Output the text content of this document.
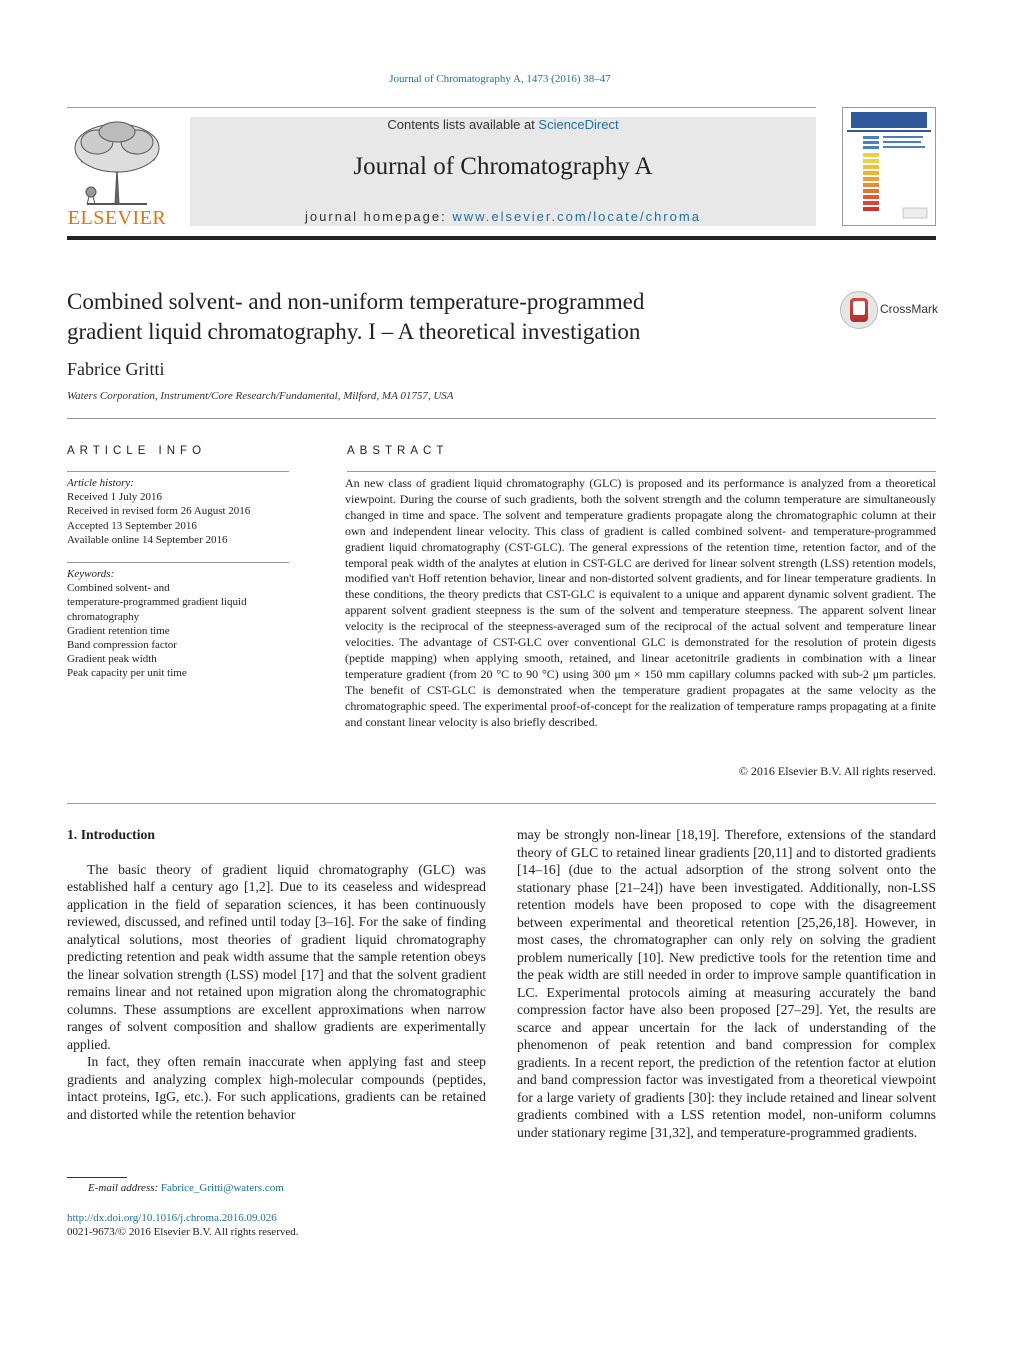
Journal of Chromatography A, 1473 (2016) 38–47
ELSEVIER
Contents lists available at ScienceDirect
Journal of Chromatography A
journal homepage: www.elsevier.com/locate/chroma
Combined solvent- and non-uniform temperature-programmed
gradient liquid chromatography. I – A theoretical investigation
CrossMark
Fabrice Gritti
Waters Corporation, Instrument/Core Research/Fundamental, Milford, MA 01757, USA
ARTICLE INFO
Article history:
Received 1 July 2016
Received in revised form 26 August 2016
Accepted 13 September 2016
Available online 14 September 2016
Keywords:
Combined solvent- and
temperature-programmed gradient liquid
chromatography
Gradient retention time
Band compression factor
Gradient peak width
Peak capacity per unit time
ABSTRACT
An new class of gradient liquid chromatography (GLC) is proposed and its performance is analyzed from a theoretical viewpoint. During the course of such gradients, both the solvent strength and the column temperature are simultaneously changed in time and space. The solvent and temperature gradients propagate along the chromatographic column at their own and independent linear velocity. This class of gradient is called combined solvent- and temperature-programmed gradient liquid chromatography (CST-GLC). The general expressions of the retention time, retention factor, and of the temporal peak width of the analytes at elution in CST-GLC are derived for linear solvent strength (LSS) retention models, modified van't Hoff retention behavior, linear and non-distorted solvent gradients, and for linear temperature gradients. In these conditions, the theory predicts that CST-GLC is equivalent to a unique and apparent dynamic solvent gradient. The apparent solvent gradient steepness is the sum of the solvent and temperature steepness. The apparent solvent linear velocity is the reciprocal of the steepness-averaged sum of the reciprocal of the actual solvent and temperature linear velocities. The advantage of CST-GLC over conventional GLC is demonstrated for the resolution of protein digests (peptide mapping) when applying smooth, retained, and linear acetonitrile gradients in combination with a linear temperature gradient (from 20 °C to 90 °C) using 300 μm × 150 mm capillary columns packed with sub-2 μm particles. The benefit of CST-GLC is demonstrated when the temperature gradient propagates at the same velocity as the chromatographic speed. The experimental proof-of-concept for the realization of temperature ramps propagating at a finite and constant linear velocity is also briefly described.
© 2016 Elsevier B.V. All rights reserved.

1. Introduction

The basic theory of gradient liquid chromatography (GLC) was established half a century ago [1,2]. Due to its ceaseless and widespread application in the field of separation sciences, it has been continuously reviewed, discussed, and refined until today [3–16]. For the sake of finding analytical solutions, most theories of gradient liquid chromatography predicting retention and peak width assume that the sample retention obeys the linear solvation strength (LSS) model [17] and that the solvent gradient remains linear and not retained upon migration along the chromatographic columns. These assumptions are excellent approximations when narrow ranges of solvent composition and shallow gradients are experimentally applied.

In fact, they often remain inaccurate when applying fast and steep gradients and analyzing complex high-molecular compounds (peptides, intact proteins, IgG, etc.). For such applications, gradients can be retained and distorted while the retention behavior

may be strongly non-linear [18,19]. Therefore, extensions of the standard theory of GLC to retained linear gradients [20,11] and to distorted gradients [14–16] (due to the actual adsorption of the strong solvent onto the stationary phase [21–24]) have been investigated. Additionally, non-LSS retention models have been proposed to cope with the disagreement between experimental and theoretical retention [25,26,18]. However, in most cases, the chromatographer can only rely on solving the gradient problem numerically [10]. New predictive tools for the retention time and the peak width are still needed in order to improve sample quantification in LC. Experimental protocols aiming at measuring accurately the band compression factor have also been proposed [27–29]. Yet, the results are scarce and appear uncertain for the lack of understanding of the phenomenon of peak retention and band compression for complex gradients. In a recent report, the prediction of the retention factor at elution and band compression factor was investigated from a theoretical viewpoint for a large variety of gradients [30]: they include retained and linear solvent gradients combined with a LSS retention model, non-uniform columns under stationary regime [31,32], and temperature-programmed gradients.

E-mail address: Fabrice_Gritti@waters.com
http://dx.doi.org/10.1016/j.chroma.2016.09.026
0021-9673/© 2016 Elsevier B.V. All rights reserved.
